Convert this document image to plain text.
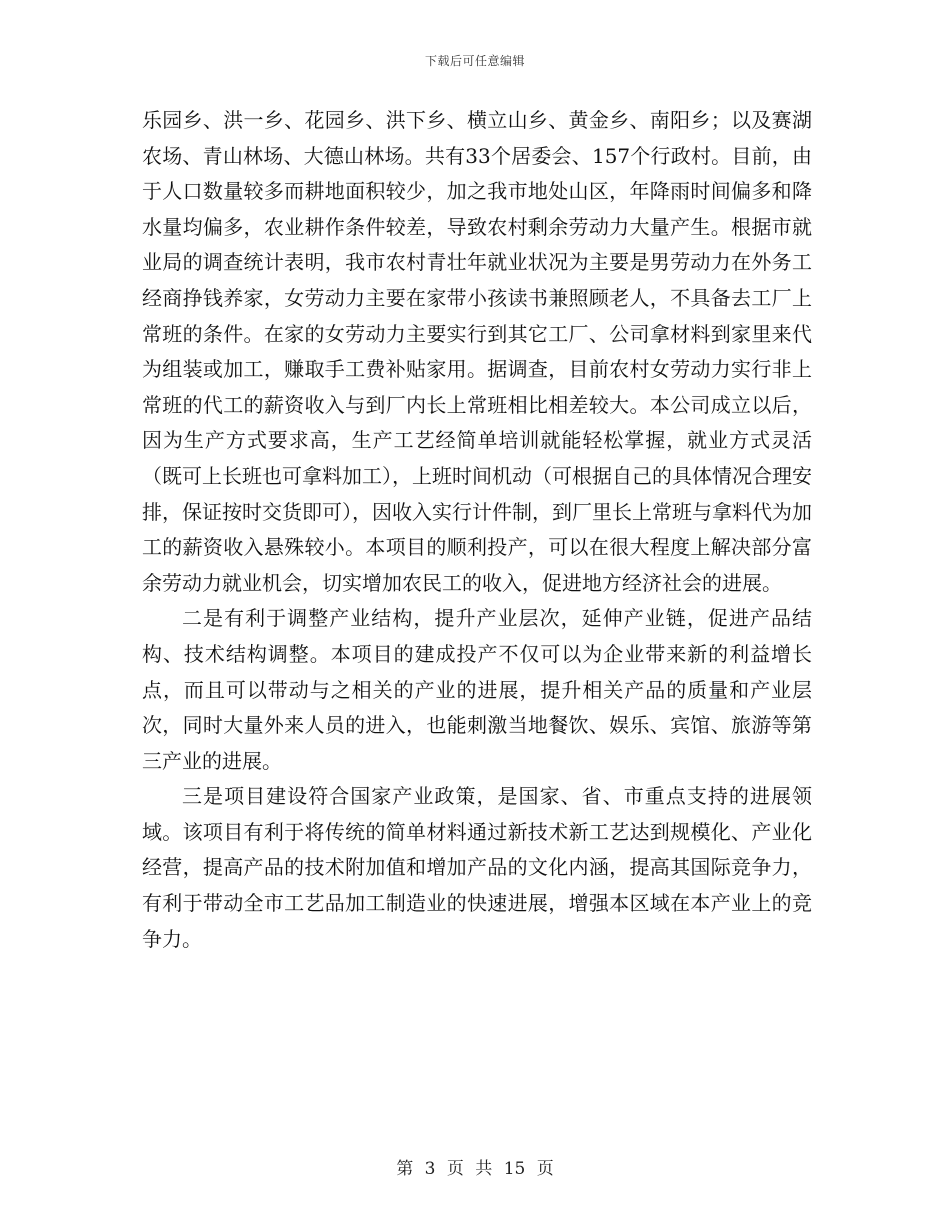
下载后可任意编辑

乐园乡、洪一乡、花园乡、洪下乡、横立山乡、黄金乡、南阳乡；以及赛湖农场、青山林场、大德山林场。共有33个居委会、157个行政村。目前，由于人口数量较多而耕地面积较少，加之我市地处山区，年降雨时间偏多和降水量均偏多，农业耕作条件较差，导致农村剩余劳动力大量产生。根据市就业局的调查统计表明，我市农村青壮年就业状况为主要是男劳动力在外务工经商挣钱养家，女劳动力主要在家带小孩读书兼照顾老人，不具备去工厂上常班的条件。在家的女劳动力主要实行到其它工厂、公司拿材料到家里来代为组装或加工，赚取手工费补贴家用。据调查，目前农村女劳动力实行非上常班的代工的薪资收入与到厂内长上常班相比相差较大。本公司成立以后，因为生产方式要求高，生产工艺经简单培训就能轻松掌握，就业方式灵活（既可上长班也可拿料加工），上班时间机动（可根据自己的具体情况合理安排，保证按时交货即可），因收入实行计件制，到厂里长上常班与拿料代为加工的薪资收入悬殊较小。本项目的顺利投产，可以在很大程度上解决部分富余劳动力就业机会，切实增加农民工的收入，促进地方经济社会的进展。

二是有利于调整产业结构，提升产业层次，延伸产业链，促进产品结构、技术结构调整。本项目的建成投产不仅可以为企业带来新的利益增长点，而且可以带动与之相关的产业的进展，提升相关产品的质量和产业层次，同时大量外来人员的进入，也能刺激当地餐饮、娱乐、宾馆、旅游等第三产业的进展。

三是项目建设符合国家产业政策，是国家、省、市重点支持的进展领域。该项目有利于将传统的简单材料通过新技术新工艺达到规模化、产业化经营，提高产品的技术附加值和增加产品的文化内涵，提高其国际竞争力，有利于带动全市工艺品加工制造业的快速进展，增强本区域在本产业上的竞争力。

第 3 页 共 15 页
